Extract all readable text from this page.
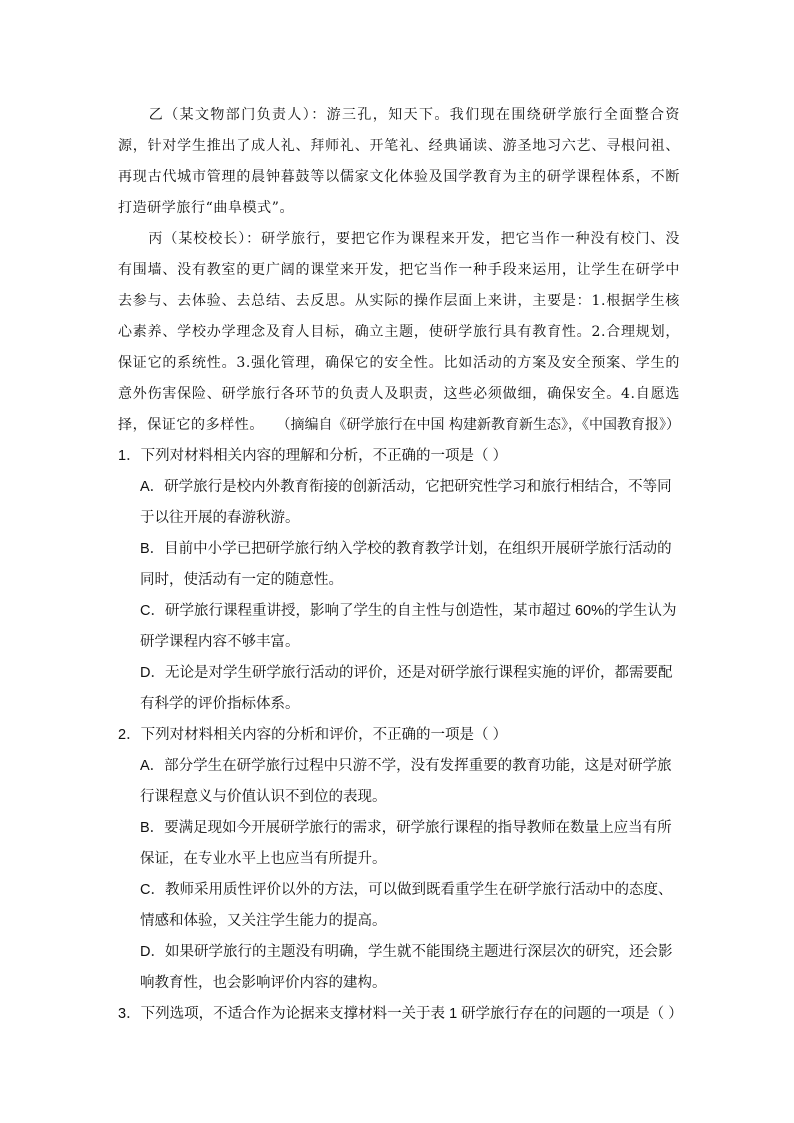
乙（某文物部门负责人）：游三孔，知天下。我们现在围绕研学旅行全面整合资源，针对学生推出了成人礼、拜师礼、开笔礼、经典诵读、游圣地习六艺、寻根问祖、再现古代城市管理的晨钟暮鼓等以儒家文化体验及国学教育为主的研学课程体系，不断打造研学旅行“曲阜模式”。

丙（某校校长）：研学旅行，要把它作为课程来开发，把它当作一种没有校门、没有围墙、没有教室的更广阔的课堂来开发，把它当作一种手段来运用，让学生在研学中去参与、去体验、去总结、去反思。从实际的操作层面上来讲，主要是：1.根据学生核心素养、学校办学理念及育人目标，确立主题，使研学旅行具有教育性。2.合理规划，保证它的系统性。3.强化管理，确保它的安全性。比如活动的方案及安全预案、学生的意外伤害保险、研学旅行各环节的负责人及职责，这些必须做细，确保安全。4.自愿选择，保证它的多样性。 （摘编自《研学旅行在中国 构建新教育新生态》，《中国教育报》）

1．下列对材料相关内容的理解和分析，不正确的一项是（ ）

A．研学旅行是校内外教育衔接的创新活动，它把研究性学习和旅行相结合，不等同于以往开展的春游秋游。

B．目前中小学已把研学旅行纳入学校的教育教学计划，在组织开展研学旅行活动的同时，使活动有一定的随意性。

C．研学旅行课程重讲授，影响了学生的自主性与创造性，某市超过 60%的学生认为研学课程内容不够丰富。

D．无论是对学生研学旅行活动的评价，还是对研学旅行课程实施的评价，都需要配有科学的评价指标体系。

2．下列对材料相关内容的分析和评价，不正确的一项是（ ）

A．部分学生在研学旅行过程中只游不学，没有发挥重要的教育功能，这是对研学旅行课程意义与价值认识不到位的表现。

B．要满足现如今开展研学旅行的需求，研学旅行课程的指导教师在数量上应当有所保证，在专业水平上也应当有所提升。

C．教师采用质性评价以外的方法，可以做到既看重学生在研学旅行活动中的态度、情感和体验，又关注学生能力的提高。

D．如果研学旅行的主题没有明确，学生就不能围绕主题进行深层次的研究，还会影响教育性，也会影响评价内容的建构。

3．下列选项，不适合作为论据来支撑材料一关于表 1 研学旅行存在的问题的一项是（ ）
